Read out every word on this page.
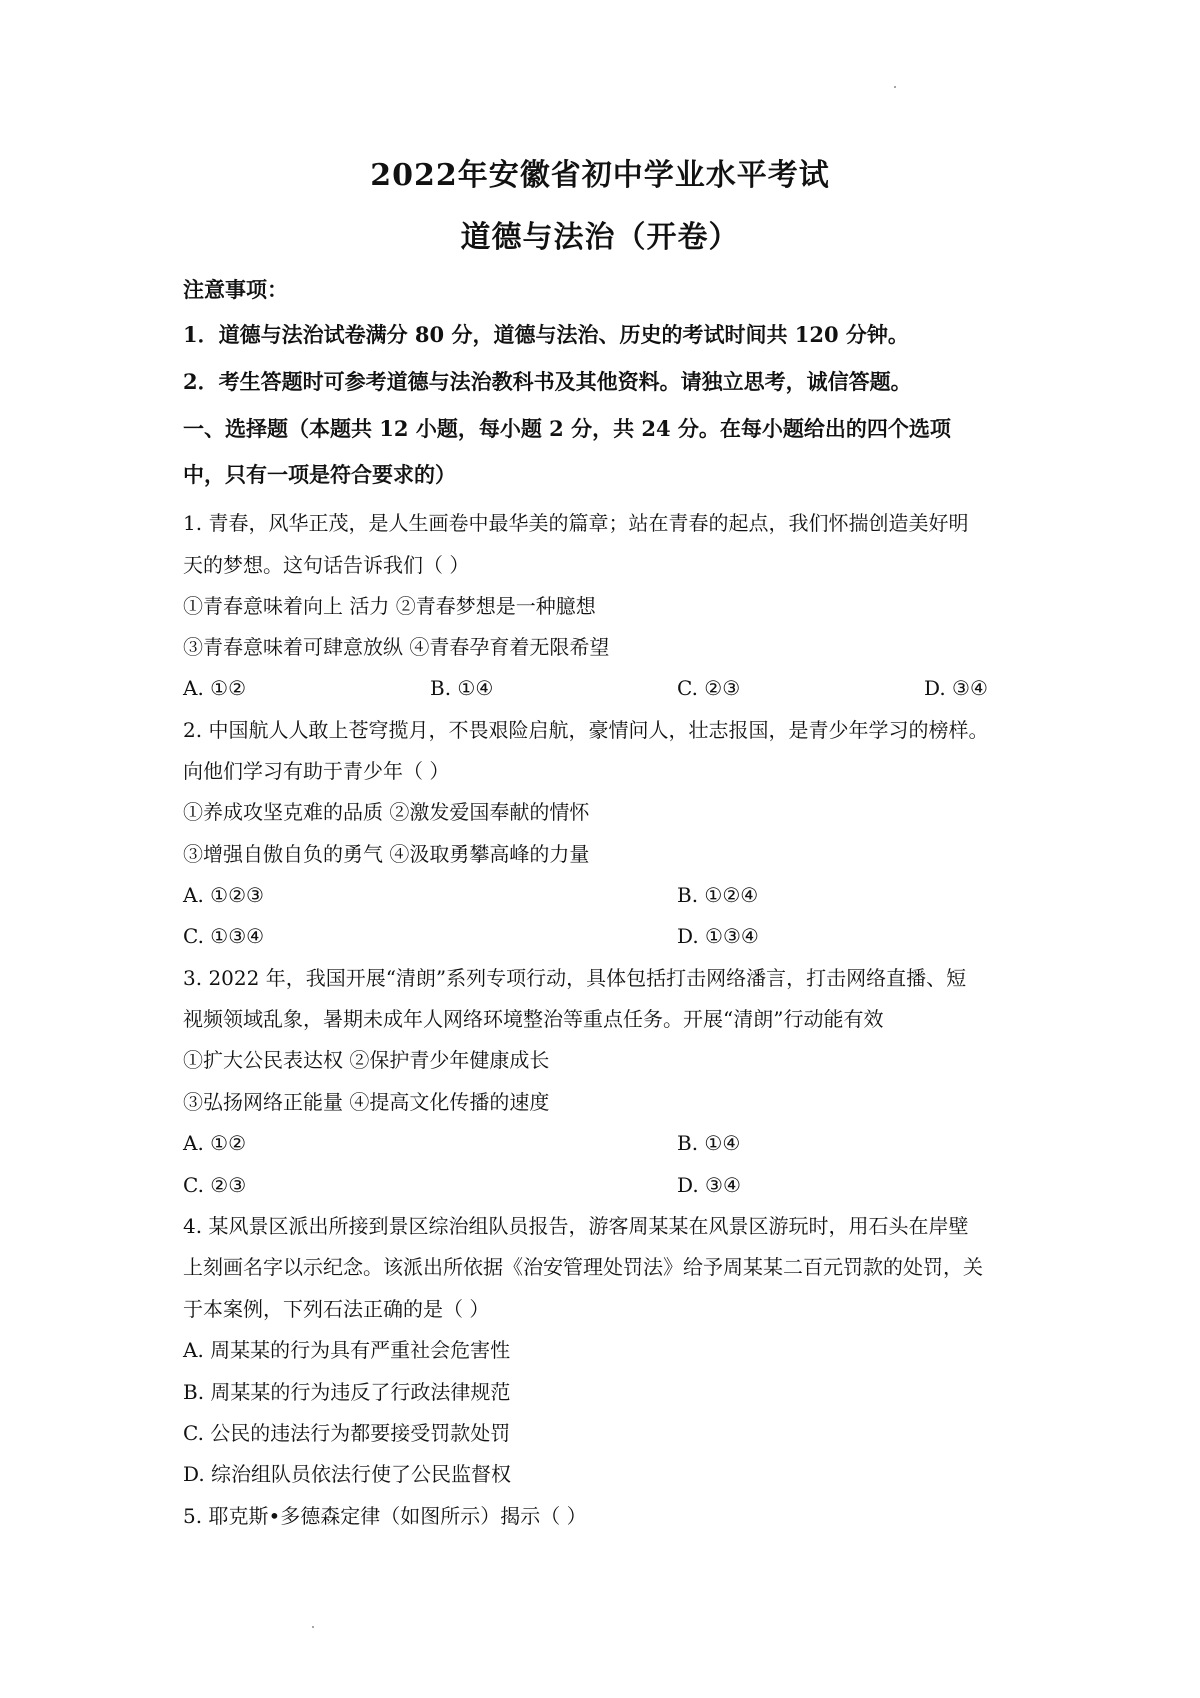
2022年安徽省初中学业水平考试
道德与法治（开卷）
注意事项：
1．道德与法治试卷满分 80 分，道德与法治、历史的考试时间共 120 分钟。
2．考生答题时可参考道德与法治教科书及其他资料。请独立思考，诚信答题。
一、选择题（本题共 12 小题，每小题 2 分，共 24 分。在每小题给出的四个选项
中，只有一项是符合要求的）
1. 青春，风华正茂，是人生画卷中最华美的篇章；站在青春的起点，我们怀揣创造美好明
天的梦想。这句话告诉我们（ ）
①青春意味着向上 活力 ②青春梦想是一种臆想
③青春意味着可肆意放纵 ④青春孕育着无限希望
A. ①②	B. ①④	C. ②③	D. ③④
2. 中国航人人敢上苍穹揽月，不畏艰险启航，豪情问人，壮志报国，是青少年学习的榜样。
向他们学习有助于青少年（ ）
①养成攻坚克难的品质 ②激发爱国奉献的情怀
③增强自傲自负的勇气 ④汲取勇攀高峰的力量
A. ①②③	B. ①②④
C. ①③④	D. ①③④
3. 2022 年，我国开展“清朗”系列专项行动，具体包括打击网络潘言，打击网络直播、短
视频领域乱象，暑期未成年人网络环境整治等重点任务。开展“清朗”行动能有效
①扩大公民表达权 ②保护青少年健康成长
③弘扬网络正能量 ④提高文化传播的速度
A. ①②	B. ①④
C. ②③	D. ③④
4. 某风景区派出所接到景区综治组队员报告，游客周某某在风景区游玩时，用石头在岸壁
上刻画名字以示纪念。该派出所依据《治安管理处罚法》给予周某某二百元罚款的处罚，关
于本案例，下列石法正确的是（ ）
A. 周某某的行为具有严重社会危害性
B. 周某某的行为违反了行政法律规范
C. 公民的违法行为都要接受罚款处罚
D. 综治组队员依法行使了公民监督权
5. 耶克斯•多德森定律（如图所示）揭示（ ）
